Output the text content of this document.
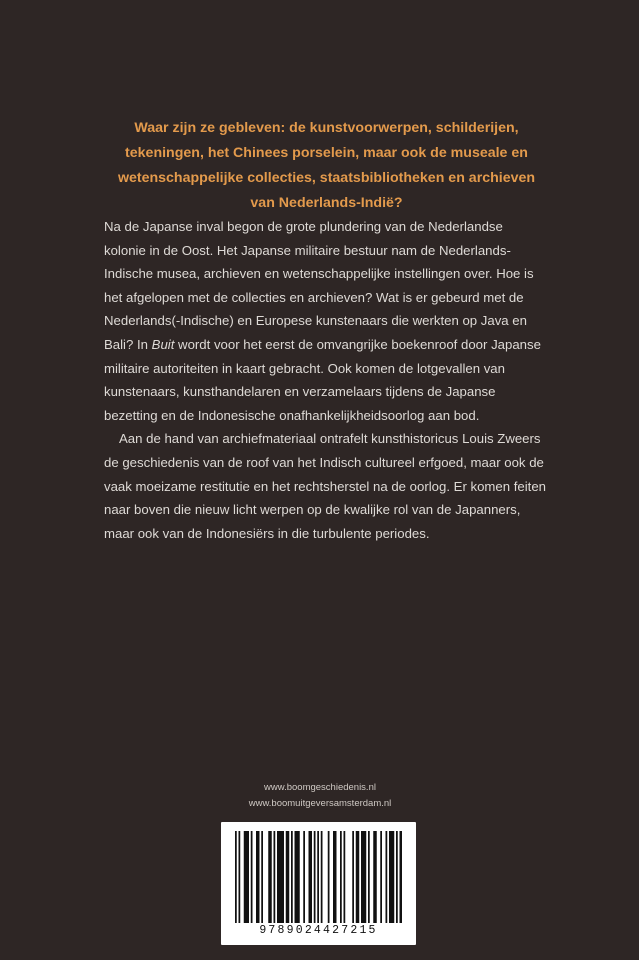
Waar zijn ze gebleven: de kunstvoorwerpen, schilderijen, tekeningen, het Chinees porselein, maar ook de museale en wetenschappelijke collecties, staatsbibliotheken en archieven van Nederlands-Indië?

Na de Japanse inval begon de grote plundering van de Nederlandse kolonie in de Oost. Het Japanse militaire bestuur nam de Nederlands-Indische musea, archieven en wetenschappelijke instellingen over. Hoe is het afgelopen met de collecties en archieven? Wat is er gebeurd met de Nederlands(-Indische) en Europese kunstenaars die werkten op Java en Bali? In Buit wordt voor het eerst de omvangrijke boekenroof door Japanse militaire autoriteiten in kaart gebracht. Ook komen de lotgevallen van kunstenaars, kunsthandelaren en verzamelaars tijdens de Japanse bezetting en de Indonesische onafhankelijkheidsoorlog aan bod.

Aan de hand van archiefmateriaal ontrafelt kunsthistoricus Louis Zweers de geschiedenis van de roof van het Indisch cultureel erfgoed, maar ook de vaak moeizame restitutie en het rechtsherstel na de oorlog. Er komen feiten naar boven die nieuw licht werpen op de kwalijke rol van de Japanners, maar ook van de Indonesiërs in die turbulente periodes.

www.boomgeschiedenis.nl
www.boomuitgeversamsterdam.nl
9789024427215
